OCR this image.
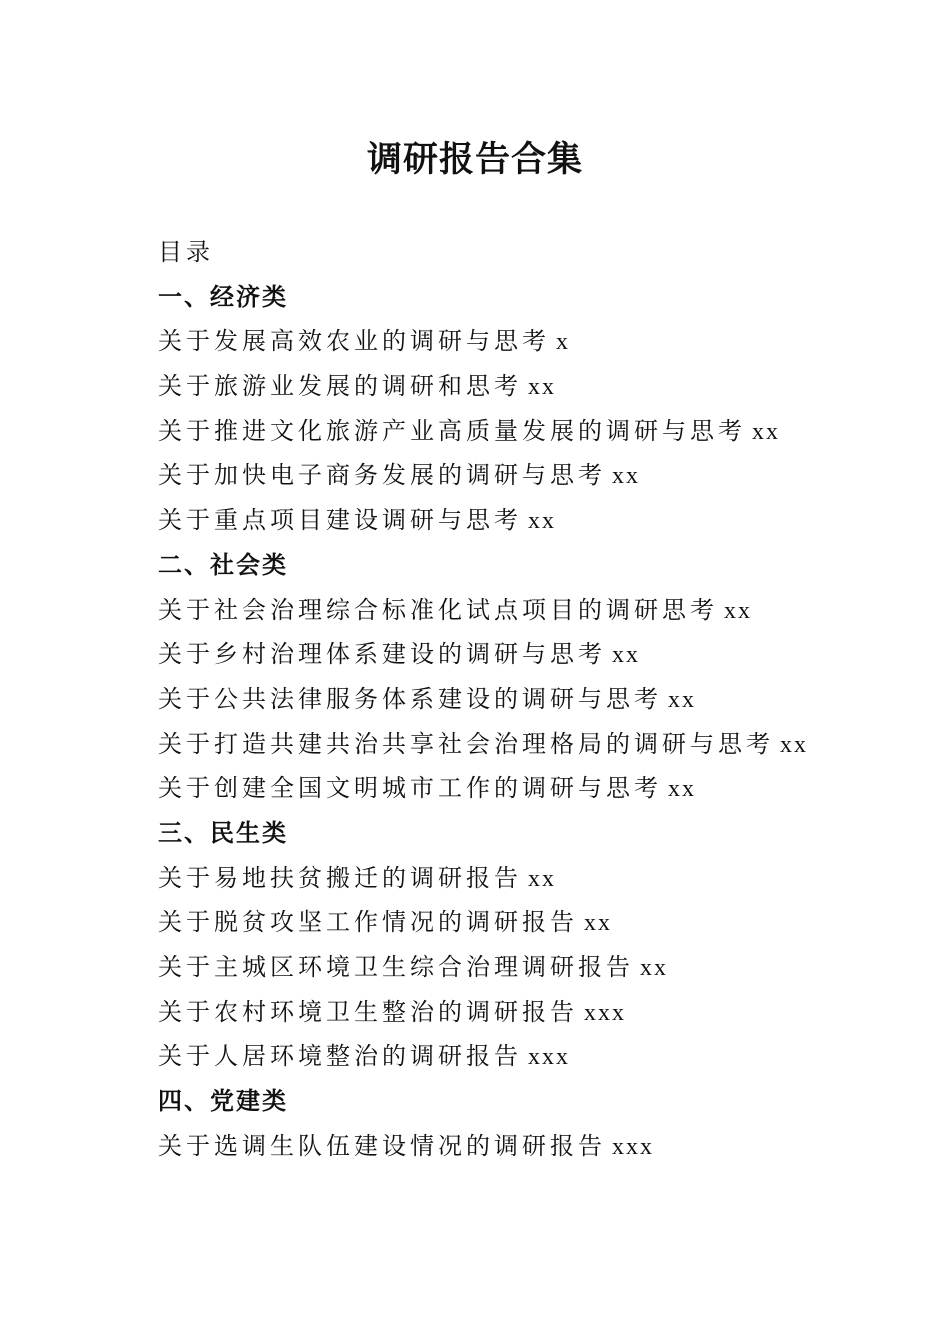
调研报告合集
目录
一、经济类
关于发展高效农业的调研与思考 x
关于旅游业发展的调研和思考 xx
关于推进文化旅游产业高质量发展的调研与思考 xx
关于加快电子商务发展的调研与思考 xx
关于重点项目建设调研与思考 xx
二、社会类
关于社会治理综合标准化试点项目的调研思考 xx
关于乡村治理体系建设的调研与思考 xx
关于公共法律服务体系建设的调研与思考 xx
关于打造共建共治共享社会治理格局的调研与思考 xx
关于创建全国文明城市工作的调研与思考 xx
三、民生类
关于易地扶贫搬迁的调研报告 xx
关于脱贫攻坚工作情况的调研报告 xx
关于主城区环境卫生综合治理调研报告 xx
关于农村环境卫生整治的调研报告 xxx
关于人居环境整治的调研报告 xxx
四、党建类
关于选调生队伍建设情况的调研报告 xxx
